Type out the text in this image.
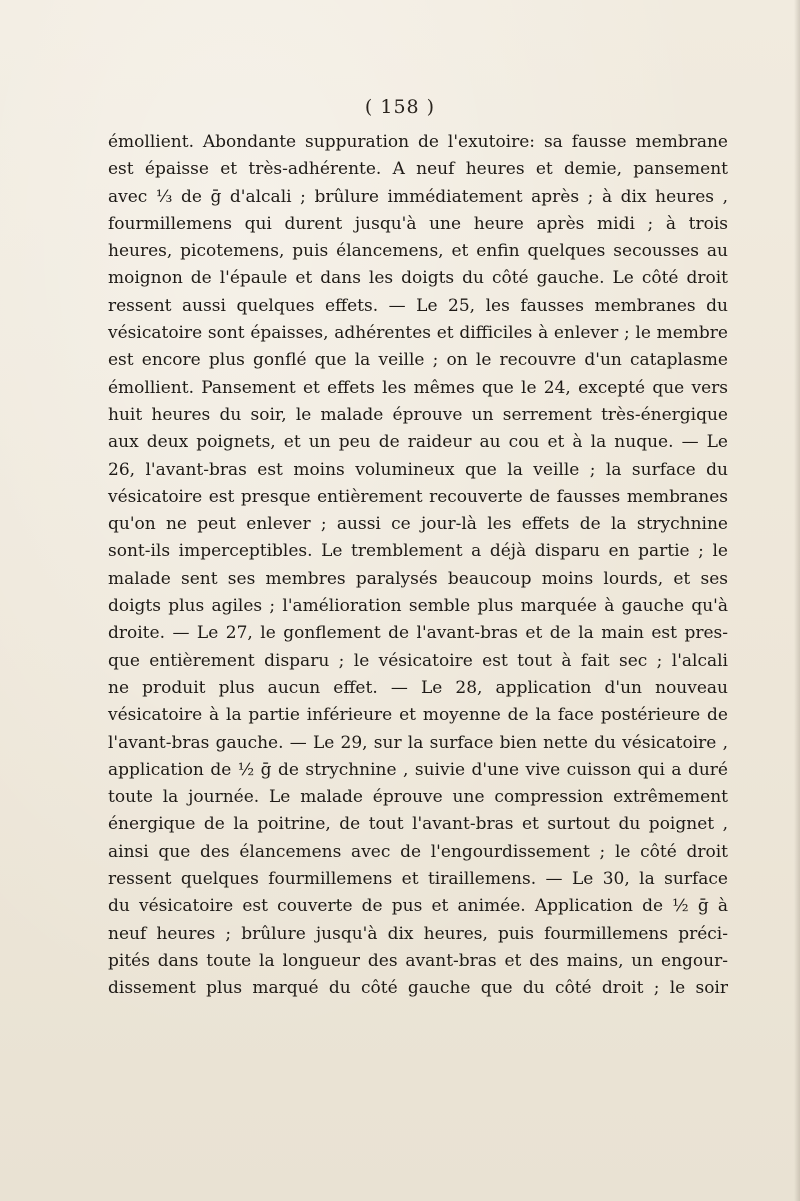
( 158 )
émollient. Abondante suppuration de l'exutoire: sa fausse membrane
est épaisse et très-adhérente. A neuf heures et demie, pansement
avec ⅓ de ḡ d'alcali ; brûlure immédiatement après ; à dix heures ,
fourmillemens qui durent jusqu'à une heure après midi ; à trois
heures, picotemens, puis élancemens, et enfin quelques secousses au
moignon de l'épaule et dans les doigts du côté gauche. Le côté droit
ressent aussi quelques effets. — Le 25, les fausses membranes du
vésicatoire sont épaisses, adhérentes et difficiles à enlever ; le membre
est encore plus gonflé que la veille ; on le recouvre d'un cataplasme
émollient. Pansement et effets les mêmes que le 24, excepté que vers
huit heures du soir, le malade éprouve un serrement très-énergique
aux deux poignets, et un peu de raideur au cou et à la nuque. — Le
26, l'avant-bras est moins volumineux que la veille ; la surface du
vésicatoire est presque entièrement recouverte de fausses membranes
qu'on ne peut enlever ; aussi ce jour-là les effets de la strychnine
sont-ils imperceptibles. Le tremblement a déjà disparu en partie ; le
malade sent ses membres paralysés beaucoup moins lourds, et ses
doigts plus agiles ; l'amélioration semble plus marquée à gauche qu'à
droite. — Le 27, le gonflement de l'avant-bras et de la main est pres-
que entièrement disparu ; le vésicatoire est tout à fait sec ; l'alcali
ne produit plus aucun effet. — Le 28, application d'un nouveau
vésicatoire à la partie inférieure et moyenne de la face postérieure de
l'avant-bras gauche. — Le 29, sur la surface bien nette du vésicatoire ,
application de ½ ḡ de strychnine , suivie d'une vive cuisson qui a duré
toute la journée. Le malade éprouve une compression extrêmement
énergique de la poitrine, de tout l'avant-bras et surtout du poignet ,
ainsi que des élancemens avec de l'engourdissement ; le côté droit
ressent quelques fourmillemens et tiraillemens. — Le 30, la surface
du vésicatoire est couverte de pus et animée. Application de ½ ḡ à
neuf heures ; brûlure jusqu'à dix heures, puis fourmillemens préci-
pités dans toute la longueur des avant-bras et des mains, un engour-
dissement plus marqué du côté gauche que du côté droit ; le soir
